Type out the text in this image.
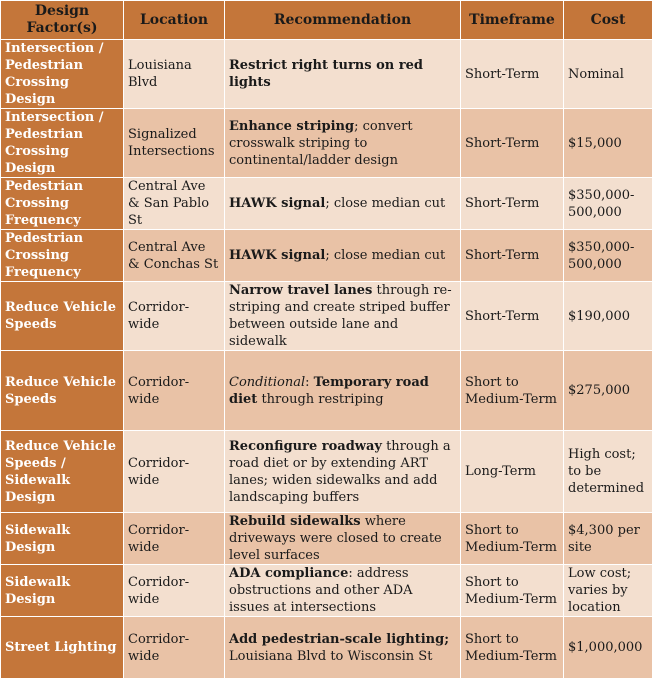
Design Factor(s)	Location	Recommendation	Timeframe	Cost
Intersection / Pedestrian Crossing Design	Louisiana Blvd	Restrict right turns on red lights	Short-Term	Nominal
Intersection / Pedestrian Crossing Design	Signalized Intersections	Enhance striping; convert crosswalk striping to continental/ladder design	Short-Term	$15,000
Pedestrian Crossing Frequency	Central Ave & San Pablo St	HAWK signal; close median cut	Short-Term	$350,000-500,000
Pedestrian Crossing Frequency	Central Ave & Conchas St	HAWK signal; close median cut	Short-Term	$350,000-500,000
Reduce Vehicle Speeds	Corridor-wide	Narrow travel lanes through re-striping and create striped buffer between outside lane and sidewalk	Short-Term	$190,000
Reduce Vehicle Speeds	Corridor-wide	Conditional: Temporary road diet through restriping	Short to Medium-Term	$275,000
Reduce Vehicle Speeds / Sidewalk Design	Corridor-wide	Reconfigure roadway through a road diet or by extending ART lanes; widen sidewalks and add landscaping buffers	Long-Term	High cost; to be determined
Sidewalk Design	Corridor-wide	Rebuild sidewalks where driveways were closed to create level surfaces	Short to Medium-Term	$4,300 per site
Sidewalk Design	Corridor-wide	ADA compliance: address obstructions and other ADA issues at intersections	Short to Medium-Term	Low cost; varies by location
Street Lighting	Corridor-wide	Add pedestrian-scale lighting; Louisiana Blvd to Wisconsin St	Short to Medium-Term	$1,000,000
